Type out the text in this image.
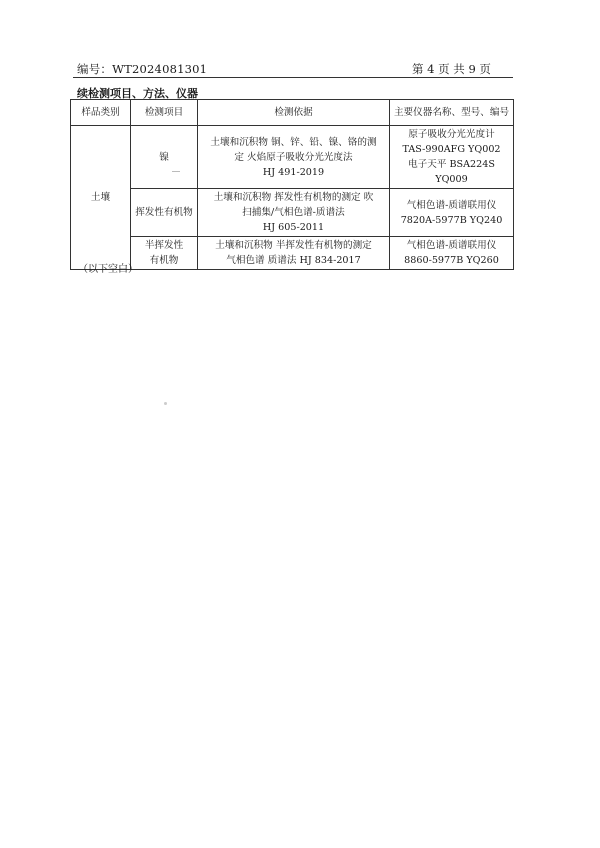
编号：WT2024081301	第 4 页 共 9 页
续检测项目、方法、仪器
样品类别	检测项目	检测依据	主要仪器名称、型号、编号
土壤	镍	土壤和沉积物 铜、锌、铅、镍、铬的测
定 火焰原子吸收分光光度法
HJ 491-2019	原子吸收分光光度计
TAS-990AFG YQ002
电子天平 BSA224S YQ009

	挥发性有机物	土壤和沉积物 挥发性有机物的测定 吹
扫捕集/气相色谱-质谱法
HJ 605-2011	气相色谱-质谱联用仪
7820A-5977B YQ240

	半挥发性
有机物	土壤和沉积物 半挥发性有机物的测定
气相色谱 质谱法 HJ 834-2017	气相色谱-质谱联用仪
8860-5977B YQ260
（以下空白）
